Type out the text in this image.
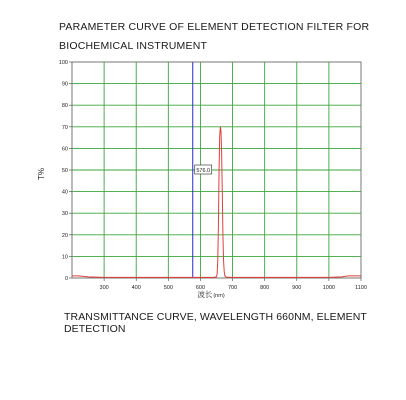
PARAMETER CURVE OF ELEMENT DETECTION FILTER FOR
BIOCHEMICAL INSTRUMENT
0
10
20
30
40
50
60
70
80
90
100
300	400	500	600	700	800	900	1000	1100
576.0
T%
波长(nm)
TRANSMITTANCE CURVE, WAVELENGTH 660NM, ELEMENT DETECTION
